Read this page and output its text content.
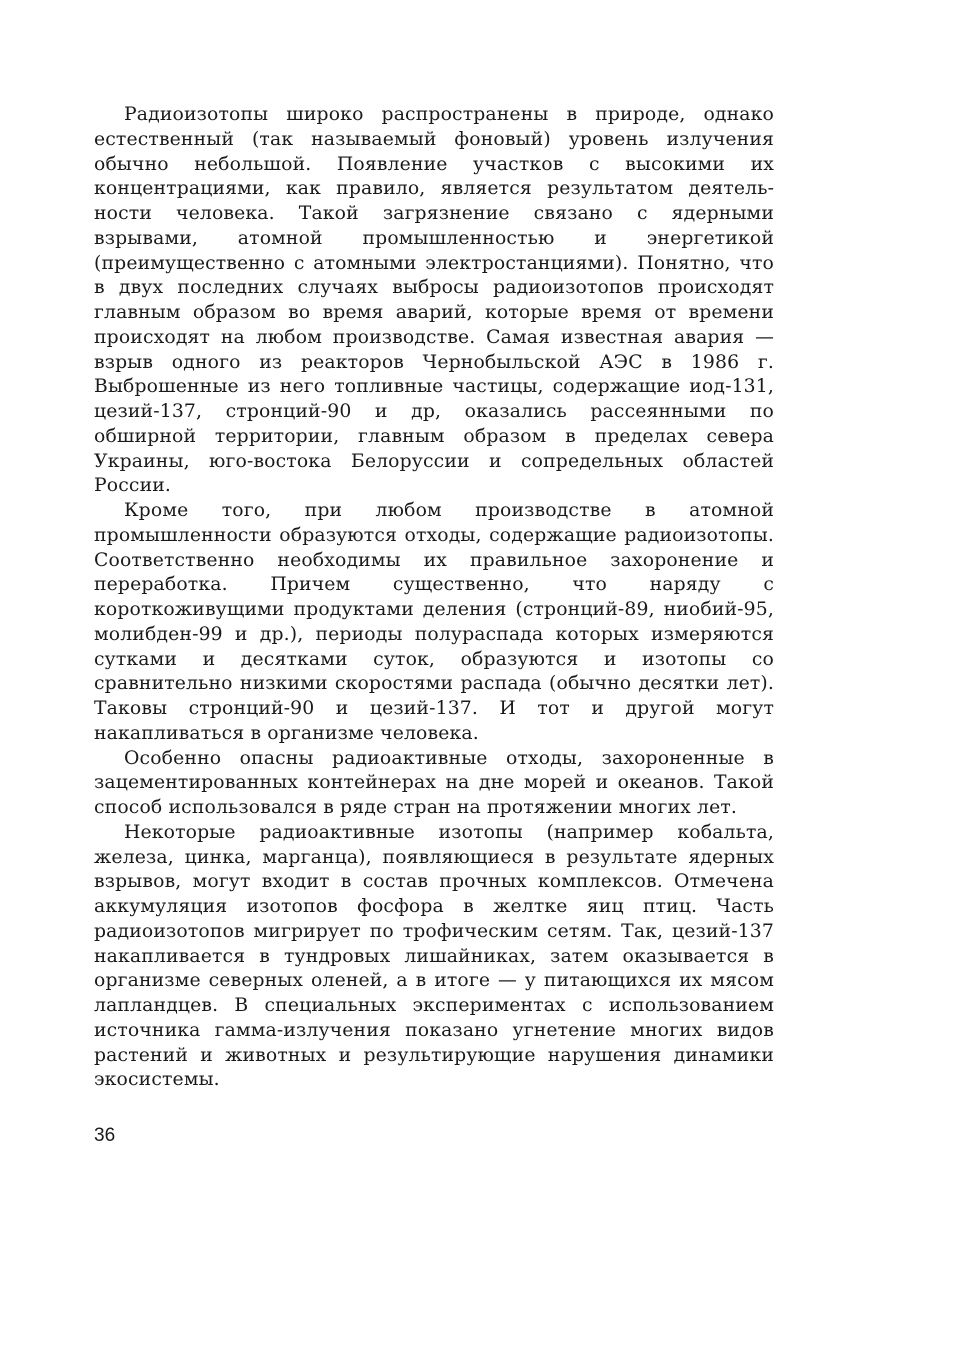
Радиоизотопы широко распространены в природе, однако естественный (так называемый фоновый) уровень излучения обычно небольшой. Появление участков с высокими их концентрациями, как правило, является результатом деятельности человека. Такой загрязнение связано с ядерными взрывами, атомной промышленностью и энергетикой (преимущественно с атомными электростанциями). Понятно, что в двух последних случаях выбросы радиоизотопов происходят главным образом во время аварий, которые время от времени происходят на любом производстве. Самая известная авария — взрыв одного из реакторов Чернобыльской АЭС в 1986 г. Выброшенные из него топливные частицы, содержащие иод-131, цезий-137, стронций-90 и др, оказались рассеянными по обширной территории, главным образом в пределах севера Украины, юго-востока Белоруссии и сопредельных областей России.

Кроме того, при любом производстве в атомной промышленности образуются отходы, содержащие радиоизотопы. Соответственно необходимы их правильное захоронение и переработка. Причем существенно, что наряду с короткоживущими продуктами деления (стронций-89, ниобий-95, молибден-99 и др.), периоды полураспада которых измеряются сутками и десятками суток, образуются и изотопы со сравнительно низкими скоростями распада (обычно десятки лет). Таковы стронций-90 и цезий-137. И тот и другой могут накапливаться в организме человека.

Особенно опасны радиоактивные отходы, захороненные в зацементированных контейнерах на дне морей и океанов. Такой способ использовался в ряде стран на протяжении многих лет.

Некоторые радиоактивные изотопы (например кобальта, железа, цинка, марганца), появляющиеся в результате ядерных взрывов, могут входит в состав прочных комплексов. Отмечена аккумуляция изотопов фосфора в желтке яиц птиц. Часть радиоизотопов мигрирует по трофическим сетям. Так, цезий-137 накапливается в тундровых лишайниках, затем оказывается в организме северных оленей, а в итоге — у питающихся их мясом лапландцев. В специальных экспериментах с использованием источника гамма-излучения показано угнетение многих видов растений и животных и результирующие нарушения динамики экосистемы.

36
